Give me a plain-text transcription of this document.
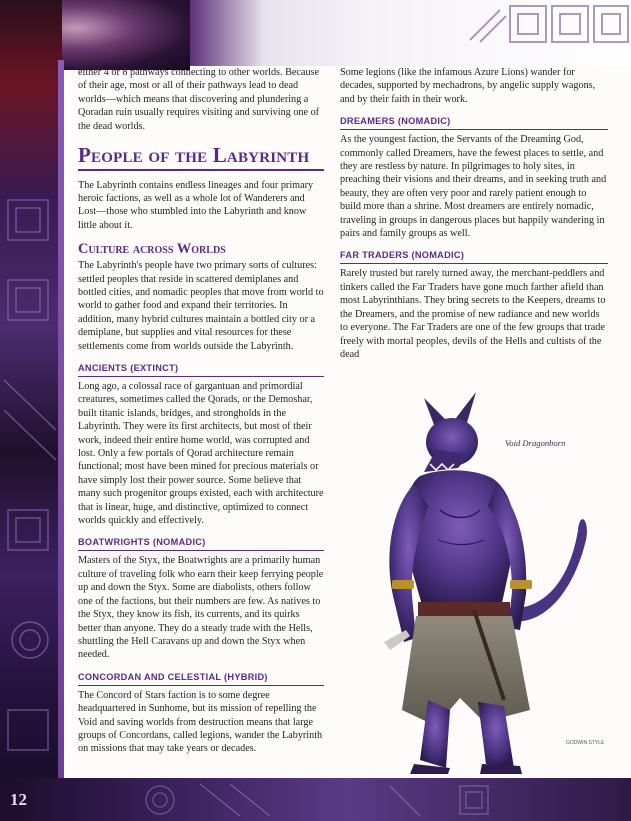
12

either 4 or 8 pathways connecting to other worlds. Because of their age, most or all of their pathways lead to dead worlds—which means that discovering and plundering a Qoradan ruin usually requires visiting and surviving one of the dead worlds.

People of the Labyrinth

The Labyrinth contains endless lineages and four primary heroic factions, as well as a whole lot of Wanderers and Lost—those who stumbled into the Labyrinth and know little about it.

Culture across Worlds

The Labyrinth's people have two primary sorts of cultures: settled peoples that reside in scattered demiplanes and bottled cities, and nomadic peoples that move from world to world to gather food and expand their territories. In addition, many hybrid cultures maintain a bottled city or a demiplane, but supplies and vital resources for these settlements come from worlds outside the Labyrinth.

ANCIENTS (EXTINCT)

Long ago, a colossal race of gargantuan and primordial creatures, sometimes called the Qorads, or the Demoshar, built titanic islands, bridges, and strongholds in the Labyrinth. They were its first architects, but most of their work, indeed their entire home world, was corrupted and lost. Only a few portals of Qorad architecture remain functional; most have been mined for precious materials or have simply lost their power source. Some believe that many such progenitor groups existed, each with architecture that is linear, huge, and distinctive, optimized to connect worlds quickly and effectively.

BOATWRIGHTS (NOMADIC)

Masters of the Styx, the Boatwrights are a primarily human culture of traveling folk who earn their keep ferrying people up and down the Styx. Some are diabolists, others follow one of the factions, but their numbers are few. As natives to the Styx, they know its fish, its currents, and its quirks better than anyone. They do a steady trade with the Hells, shuttling the Hell Caravans up and down the Styx when needed.

CONCORDAN AND CELESTIAL (HYBRID)

The Concord of Stars faction is to some degree headquartered in Sunhome, but its mission of repelling the Void and saving worlds from destruction means that large groups of Concordans, called legions, wander the Labyrinth on missions that may take years or decades.

Some legions (like the infamous Azure Lions) wander for decades, supported by mechadrons, by angelic supply wagons, and by their faith in their work.

DREAMERS (NOMADIC)

As the youngest faction, the Servants of the Dreaming God, commonly called Dreamers, have the fewest places to settle, and they are restless by nature. In pilgrimages to holy sites, in preaching their visions and their dreams, and in seeking truth and beauty, they are often very poor and rarely patient enough to build more than a shrine. Most dreamers are entirely nomadic, traveling in groups in dangerous places but happily wandering in pairs and family groups as well.

FAR TRADERS (NOMADIC)

Rarely trusted but rarely turned away, the merchant-peddlers and tinkers called the Far Traders have gone much farther afield than most Labyrinthians. They bring secrets to the Keepers, dreams to the Dreamers, and the promise of new radiance and new worlds to everyone. The Far Traders are one of the few groups that trade freely with mortal peoples, devils of the Hells and cultists of the dead

Void Dragonborn
GODWIN STYLE
